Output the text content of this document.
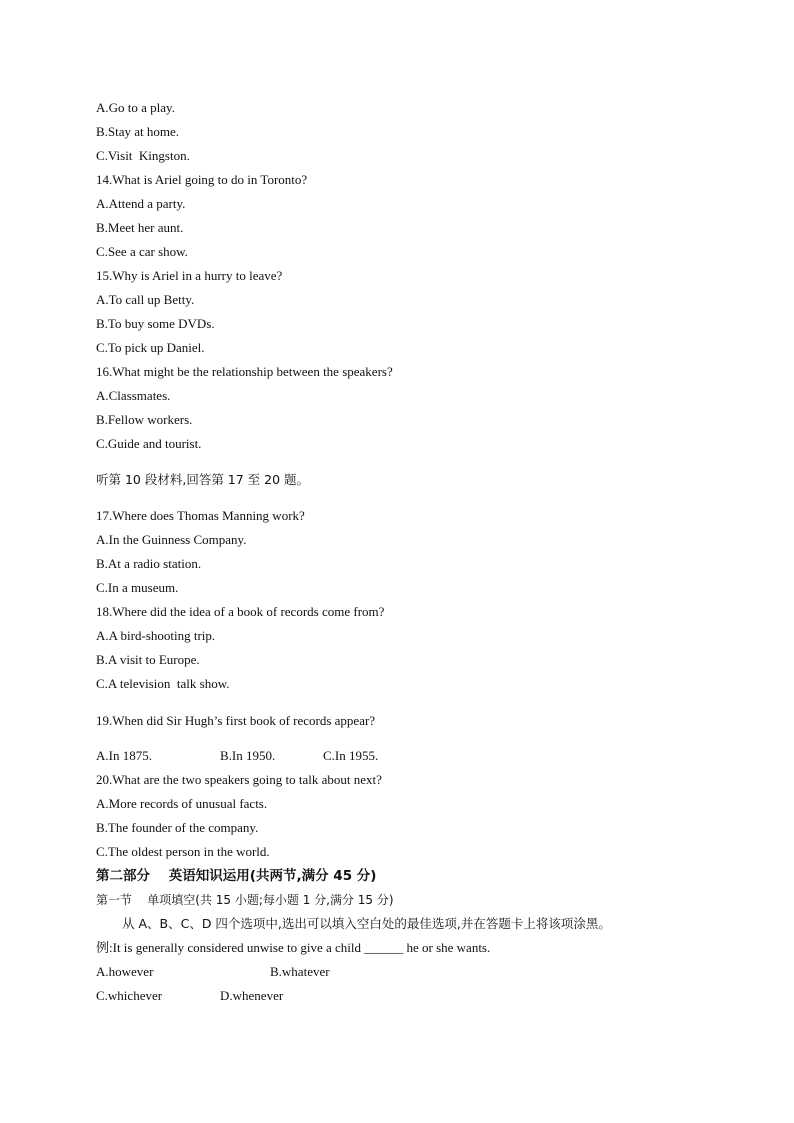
A.Go to a play.
B.Stay at home.
C.Visit  Kingston.
14.What is Ariel going to do in Toronto?
A.Attend a party.
B.Meet her aunt.
C.See a car show.
15.Why is Ariel in a hurry to leave?
A.To call up Betty.
B.To buy some DVDs.
C.To pick up Daniel.
16.What might be the relationship between the speakers?
A.Classmates.
B.Fellow workers.
C.Guide and tourist.
听第 10 段材料,回答第 17 至 20 题。
17.Where does Thomas Manning work?
A.In the Guinness Company.
B.At a radio station.
C.In a museum.
18.Where did the idea of a book of records come from?
A.A bird-shooting trip.
B.A visit to Europe.
C.A television  talk show.
19.When did Sir Hugh’s first book of records appear?
A.In 1875.	B.In 1950.	C.In 1955.
20.What are the two speakers going to talk about next?
A.More records of unusual facts.
B.The founder of the company.
C.The oldest person in the world.
第二部分    英语知识运用(共两节,满分 45 分)
第一节    单项填空(共 15 小题;每小题 1 分,满分 15 分)
从 A、B、C、D 四个选项中,选出可以填入空白处的最佳选项,并在答题卡上将该项涂黑。
例:It is generally considered unwise to give a child ______ he or she wants.
A.however	B.whatever
C.whichever	D.whenever
